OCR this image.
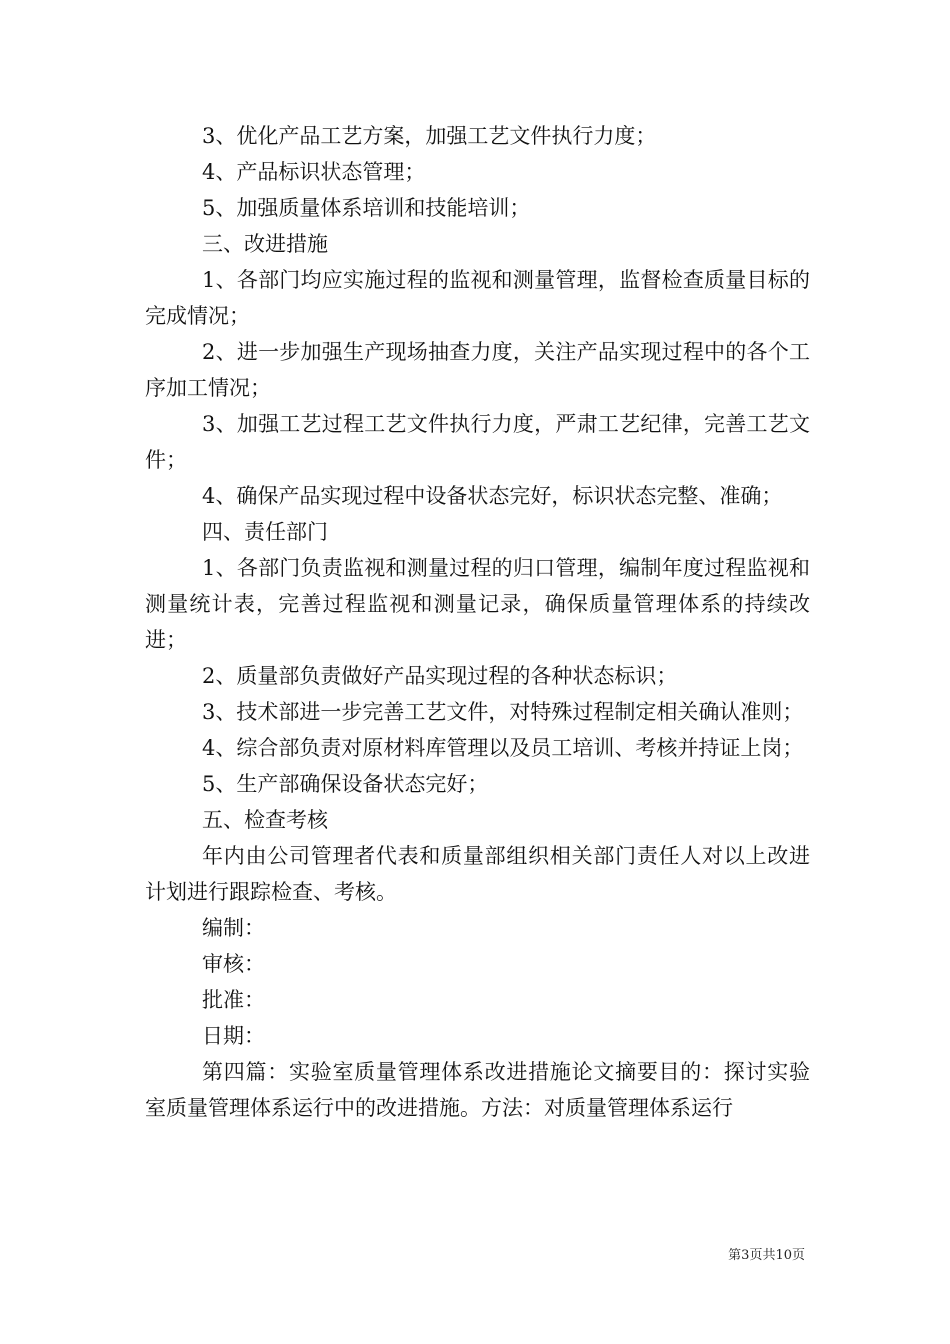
3、优化产品工艺方案，加强工艺文件执行力度；

4、产品标识状态管理；

5、加强质量体系培训和技能培训；

三、改进措施

1、各部门均应实施过程的监视和测量管理，监督检查质量目标的完成情况；

2、进一步加强生产现场抽查力度，关注产品实现过程中的各个工序加工情况；

3、加强工艺过程工艺文件执行力度，严肃工艺纪律，完善工艺文件；

4、确保产品实现过程中设备状态完好，标识状态完整、准确；

四、责任部门

1、各部门负责监视和测量过程的归口管理，编制年度过程监视和测量统计表，完善过程监视和测量记录，确保质量管理体系的持续改进；

2、质量部负责做好产品实现过程的各种状态标识；

3、技术部进一步完善工艺文件，对特殊过程制定相关确认准则；

4、综合部负责对原材料库管理以及员工培训、考核并持证上岗；

5、生产部确保设备状态完好；

五、检查考核

年内由公司管理者代表和质量部组织相关部门责任人对以上改进计划进行跟踪检查、考核。

编制：

审核：

批准：

日期：

第四篇：实验室质量管理体系改进措施论文摘要目的：探讨实验室质量管理体系运行中的改进措施。方法：对质量管理体系运行

第3页共10页
